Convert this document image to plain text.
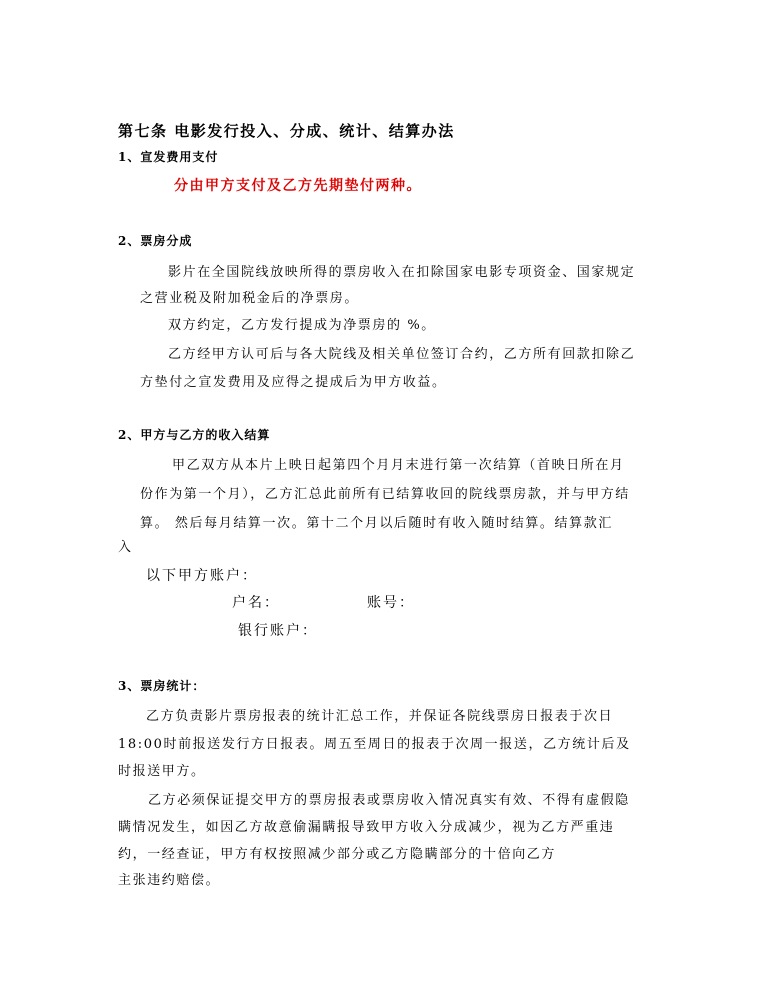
第七条 电影发行投入、分成、统计、结算办法
1、宣发费用支付
分由甲方支付及乙方先期垫付两种。
2、票房分成
影片在全国院线放映所得的票房收入在扣除国家电影专项资金、国家规定
之营业税及附加税金后的净票房。
双方约定，乙方发行提成为净票房的 %。
乙方经甲方认可后与各大院线及相关单位签订合约，乙方所有回款扣除乙
方垫付之宣发费用及应得之提成后为甲方收益。
2、甲方与乙方的收入结算
甲乙双方从本片上映日起第四个月月末进行第一次结算（首映日所在月
份作为第一个月），乙方汇总此前所有已结算收回的院线票房款，并与甲方结
算。 然后每月结算一次。第十二个月以后随时有收入随时结算。结算款汇
入
以下甲方账户：
户名：	账号：
银行账户：
3、票房统计：
乙方负责影片票房报表的统计汇总工作，并保证各院线票房日报表于次日
18:00时前报送发行方日报表。周五至周日的报表于次周一报送，乙方统计后及
时报送甲方。
乙方必须保证提交甲方的票房报表或票房收入情况真实有效、不得有虚假隐
瞒情况发生，如因乙方故意偷漏瞒报导致甲方收入分成减少，视为乙方严重违
约，一经查证，甲方有权按照减少部分或乙方隐瞒部分的十倍向乙方
主张违约赔偿。
